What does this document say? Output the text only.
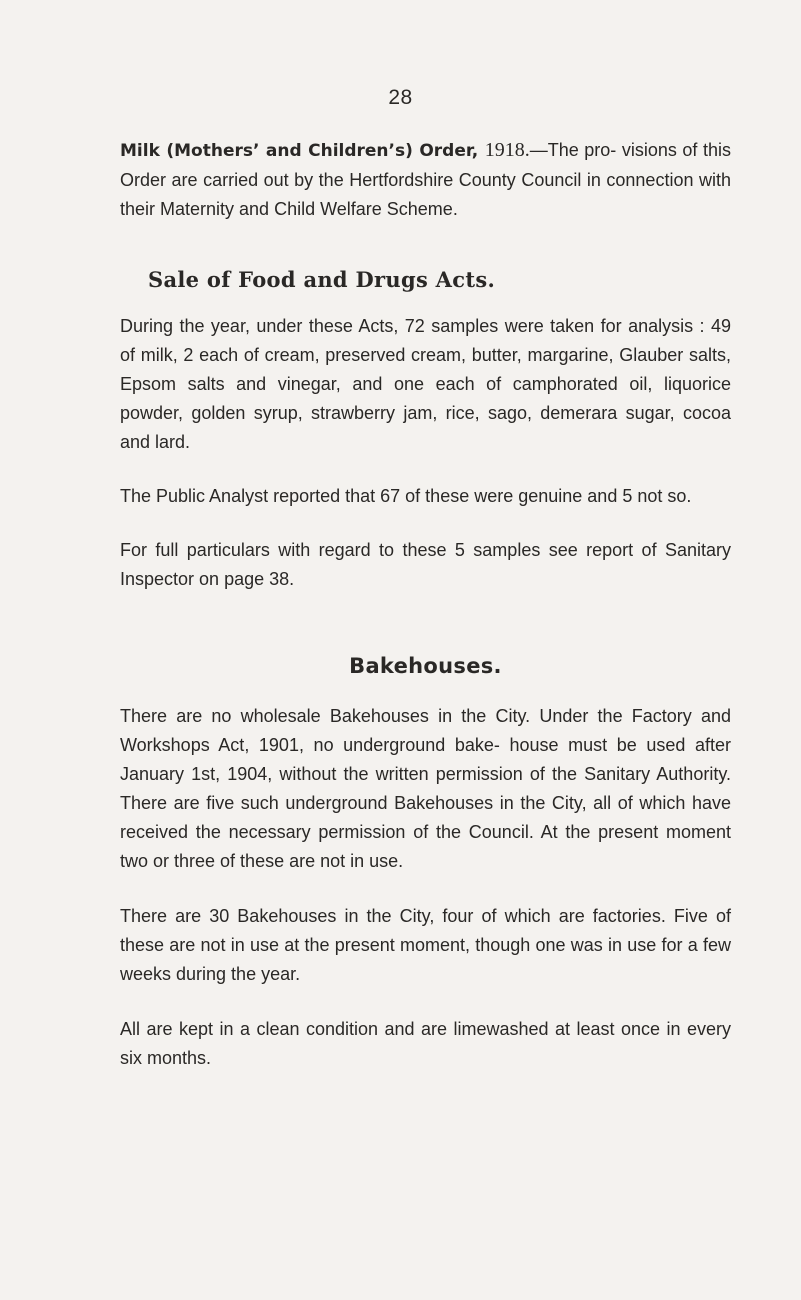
28

Milk (Mothers’ and Children’s) Order, 1918.—The pro- visions of this Order are carried out by the Hertfordshire County Council in connection with their Maternity and Child Welfare Scheme.

Sale of Food and Drugs Acts.

During the year, under these Acts, 72 samples were taken for analysis : 49 of milk, 2 each of cream, preserved cream, butter, margarine, Glauber salts, Epsom salts and vinegar, and one each of camphorated oil, liquorice powder, golden syrup, strawberry jam, rice, sago, demerara sugar, cocoa and lard.

The Public Analyst reported that 67 of these were genuine and 5 not so.

For full particulars with regard to these 5 samples see report of Sanitary Inspector on page 38.

Bakehouses.

There are no wholesale Bakehouses in the City. Under the Factory and Workshops Act, 1901, no underground bake- house must be used after January 1st, 1904, without the written permission of the Sanitary Authority. There are five such underground Bakehouses in the City, all of which have received the necessary permission of the Council. At the present moment two or three of these are not in use.

There are 30 Bakehouses in the City, four of which are factories. Five of these are not in use at the present moment, though one was in use for a few weeks during the year.

All are kept in a clean condition and are limewashed at least once in every six months.
